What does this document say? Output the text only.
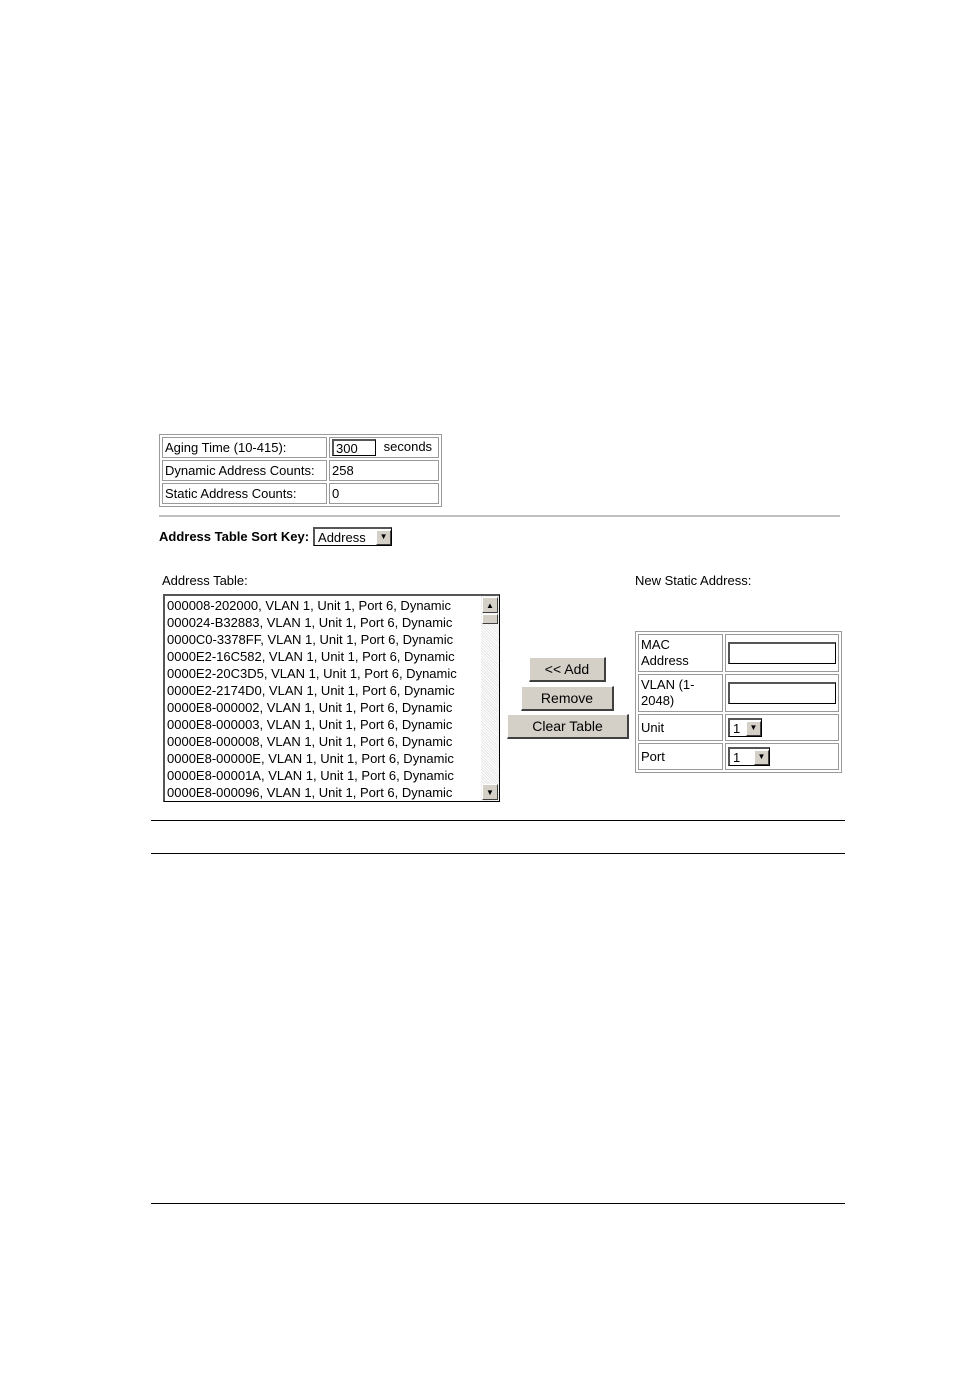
Aging Time (10-415):	300seconds
Dynamic Address Counts:	258
Static Address Counts:	0
Address Table Sort Key: Address	▼
Address Table:	New Static Address:
000008-202000, VLAN 1, Unit 1, Port 6, Dynamic
000024-B32883, VLAN 1, Unit 1, Port 6, Dynamic
0000C0-3378FF, VLAN 1, Unit 1, Port 6, Dynamic
0000E2-16C582, VLAN 1, Unit 1, Port 6, Dynamic
0000E2-20C3D5, VLAN 1, Unit 1, Port 6, Dynamic
0000E2-2174D0, VLAN 1, Unit 1, Port 6, Dynamic
0000E8-000002, VLAN 1, Unit 1, Port 6, Dynamic
0000E8-000003, VLAN 1, Unit 1, Port 6, Dynamic
0000E8-000008, VLAN 1, Unit 1, Port 6, Dynamic
0000E8-00000E, VLAN 1, Unit 1, Port 6, Dynamic
0000E8-00001A, VLAN 1, Unit 1, Port 6, Dynamic
0000E8-000096, VLAN 1, Unit 1, Port 6, Dynamic
▲
▼
<< Add
Remove
Clear Table
MAC Address	
VLAN (1-2048)	
Unit	1 ▼

Port	1 ▼
